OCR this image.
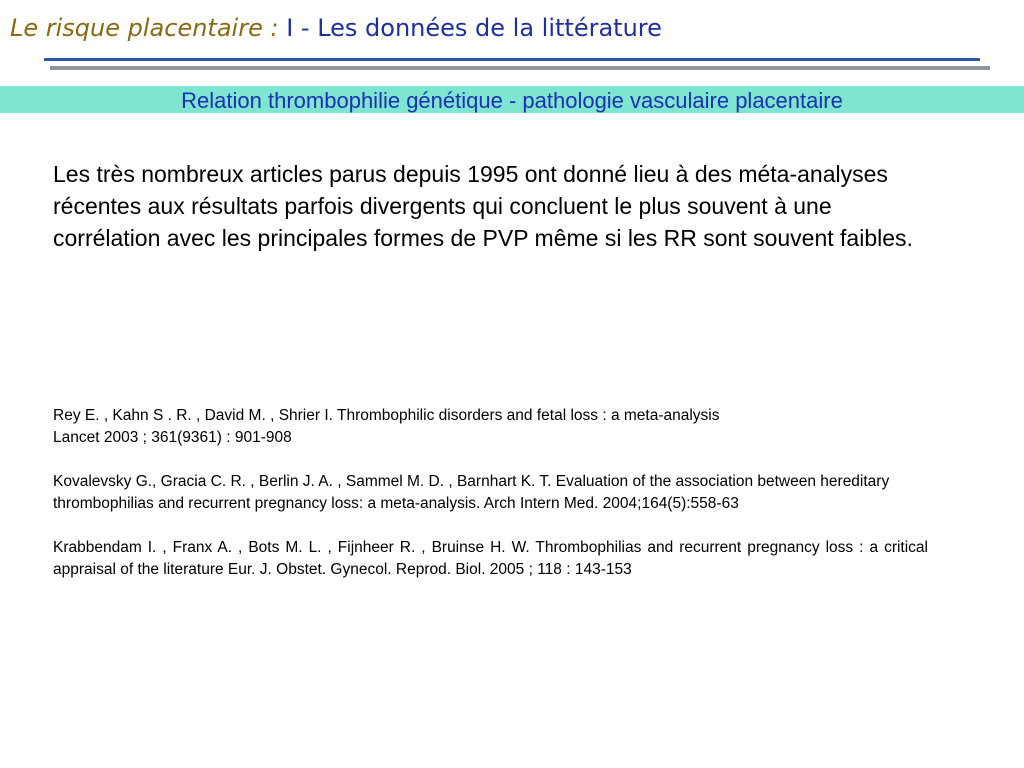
Le risque placentaire : I - Les données de la littérature
Relation thrombophilie génétique - pathologie vasculaire placentaire
Les très nombreux articles parus depuis 1995 ont donné lieu à des méta-analyses récentes aux résultats parfois divergents qui concluent le plus souvent à une corrélation avec les principales formes de PVP même si les RR sont souvent faibles.
Rey E. , Kahn S . R. , David M. , Shrier I. Thrombophilic disorders and fetal loss : a meta-analysis
Lancet 2003 ; 361(9361) : 901-908
Kovalevsky G., Gracia C. R. , Berlin J. A. , Sammel M. D. , Barnhart K. T. Evaluation of the association between hereditary thrombophilias and recurrent pregnancy loss: a meta-analysis. Arch Intern Med. 2004;164(5):558-63
Krabbendam I. , Franx A. , Bots M. L. , Fijnheer R. , Bruinse H. W. Thrombophilias and recurrent pregnancy loss : a critical appraisal of the literature Eur. J. Obstet. Gynecol. Reprod. Biol. 2005 ; 118 : 143-153
